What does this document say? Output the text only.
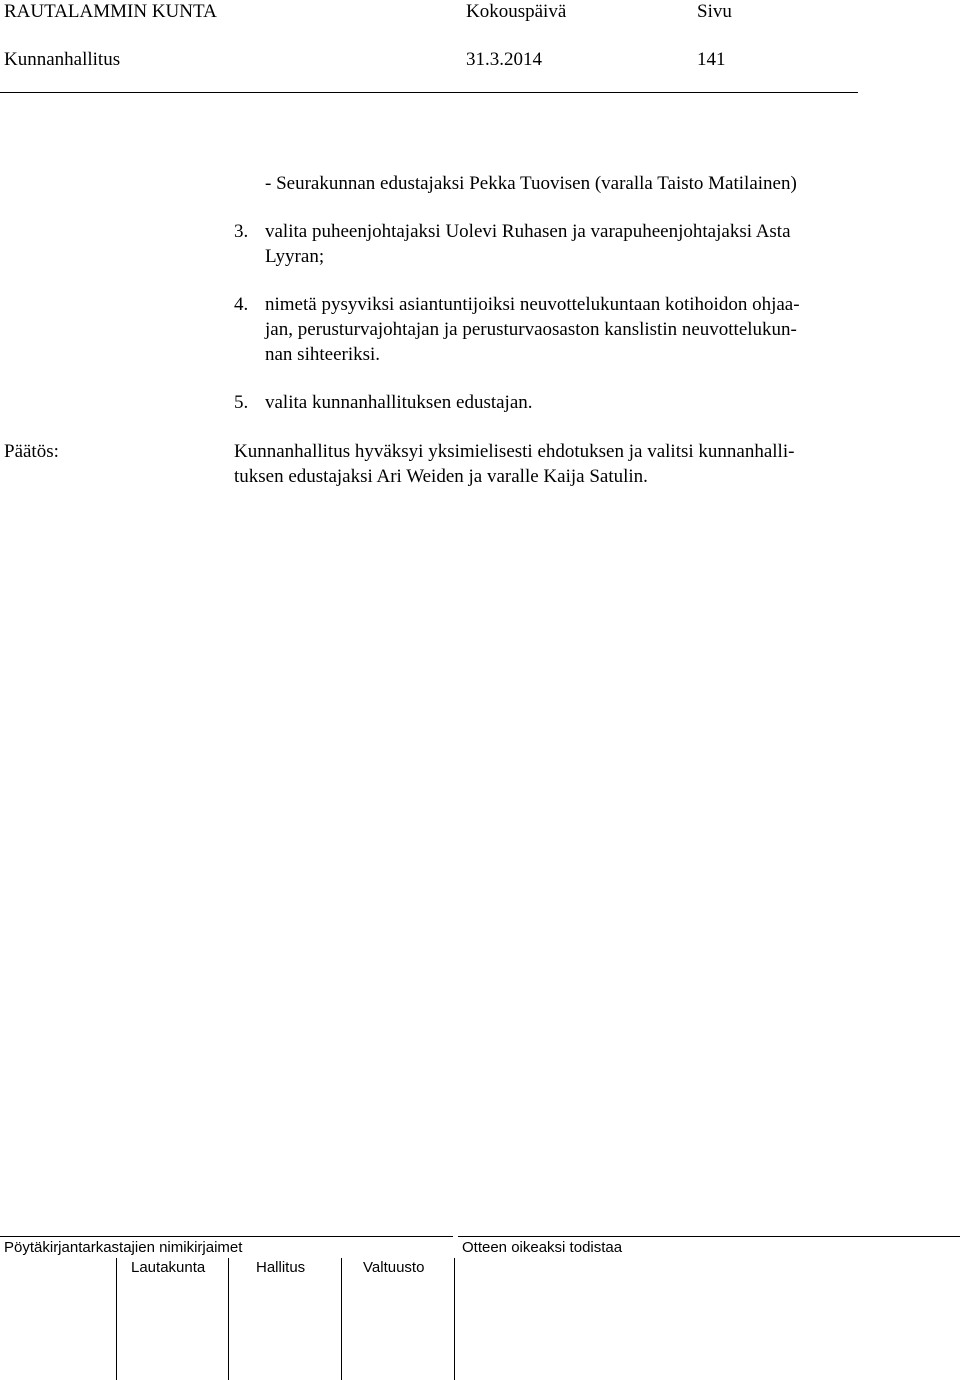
RAUTALAMMIN KUNTA	Kokouspäivä	Sivu
Kunnanhallitus	31.3.2014	141
- Seurakunnan edustajaksi Pekka Tuovisen (varalla Taisto Matilainen)
3. valita puheenjohtajaksi Uolevi Ruhasen ja varapuheenjohtajaksi Asta
Lyyran;
4. nimetä pysyviksi asiantuntijoiksi neuvottelukuntaan kotihoidon ohjaa-
jan, perusturvajohtajan ja perusturvaosaston kanslistin neuvottelukun-
nan sihteeriksi.
5. valita kunnanhallituksen edustajan.
Päätös:	Kunnanhallitus hyväksyi yksimielisesti ehdotuksen ja valitsi kunnanhalli-
tuksen edustajaksi Ari Weiden ja varalle Kaija Satulin.
Pöytäkirjantarkastajien nimikirjaimet
Lautakunta	Hallitus	Valtuusto
Otteen oikeaksi todistaa
